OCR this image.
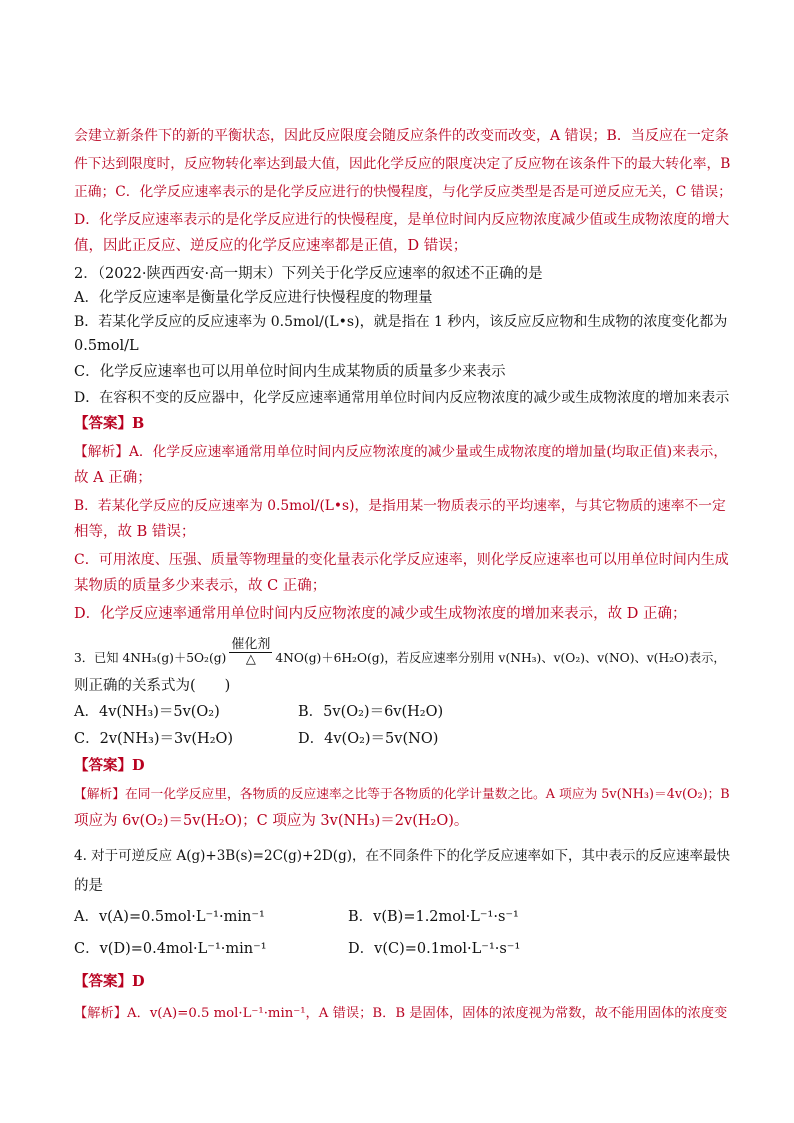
会建立新条件下的新的平衡状态，因此反应限度会随反应条件的改变而改变，A 错误；B．当反应在一定条
件下达到限度时，反应物转化率达到最大值，因此化学反应的限度决定了反应物在该条件下的最大转化率，B
正确；C．化学反应速率表示的是化学反应进行的快慢程度，与化学反应类型是否是可逆反应无关，C 错误；
D．化学反应速率表示的是化学反应进行的快慢程度，是单位时间内反应物浓度减少值或生成物浓度的增大
值，因此正反应、逆反应的化学反应速率都是正值，D 错误；
2．（2022·陕西西安·高一期末）下列关于化学反应速率的叙述不正确的是
A．化学反应速率是衡量化学反应进行快慢程度的物理量
B．若某化学反应的反应速率为 0.5mol/(L•s)，就是指在 1 秒内，该反应反应物和生成物的浓度变化都为
0.5mol/L
C．化学反应速率也可以用单位时间内生成某物质的质量多少来表示
D．在容积不变的反应器中，化学反应速率通常用单位时间内反应物浓度的减少或生成物浓度的增加来表示
【答案】B
【解析】A．化学反应速率通常用单位时间内反应物浓度的减少量或生成物浓度的增加量(均取正值)来表示，
故 A 正确；
B．若某化学反应的反应速率为 0.5mol/(L•s)，是指用某一物质表示的平均速率，与其它物质的速率不一定
相等，故 B 错误；
C．可用浓度、压强、质量等物理量的变化量表示化学反应速率，则化学反应速率也可以用单位时间内生成
某物质的质量多少来表示，故 C 正确；
D．化学反应速率通常用单位时间内反应物浓度的减少或生成物浓度的增加来表示，故 D 正确；
3．已知 $4NH_3(g)+5O_2(g) \frac{\text{催化剂}}{\triangle} 4NO(g)+6H_2O(g)$，若反应速率分别用 v(NH₃)、v(O₂)、v(NO)、v(H₂O)表示，
则正确的关系式为(　　)
A．4v(NH₃)＝5v(O₂)	B．5v(O₂)＝6v(H₂O)
C．2v(NH₃)＝3v(H₂O)	D．4v(O₂)＝5v(NO)
【答案】D
【解析】在同一化学反应里，各物质的反应速率之比等于各物质的化学计量数之比。A 项应为 5v(NH₃)＝4v(O₂)；B
项应为 6v(O₂)＝5v(H₂O)；C 项应为 3v(NH₃)＝2v(H₂O)。
4. 对于可逆反应 A(g)+3B(s)=2C(g)+2D(g)，在不同条件下的化学反应速率如下，其中表示的反应速率最快
的是
A．v(A)=0.5mol·L⁻¹·min⁻¹	B．v(B)=1.2mol·L⁻¹·s⁻¹
C．v(D)=0.4mol·L⁻¹·min⁻¹	D．v(C)=0.1mol·L⁻¹·s⁻¹
【答案】D
【解析】A．v(A)=0.5 mol·L⁻¹·min⁻¹，A 错误；B．B 是固体，固体的浓度视为常数，故不能用固体的浓度变
